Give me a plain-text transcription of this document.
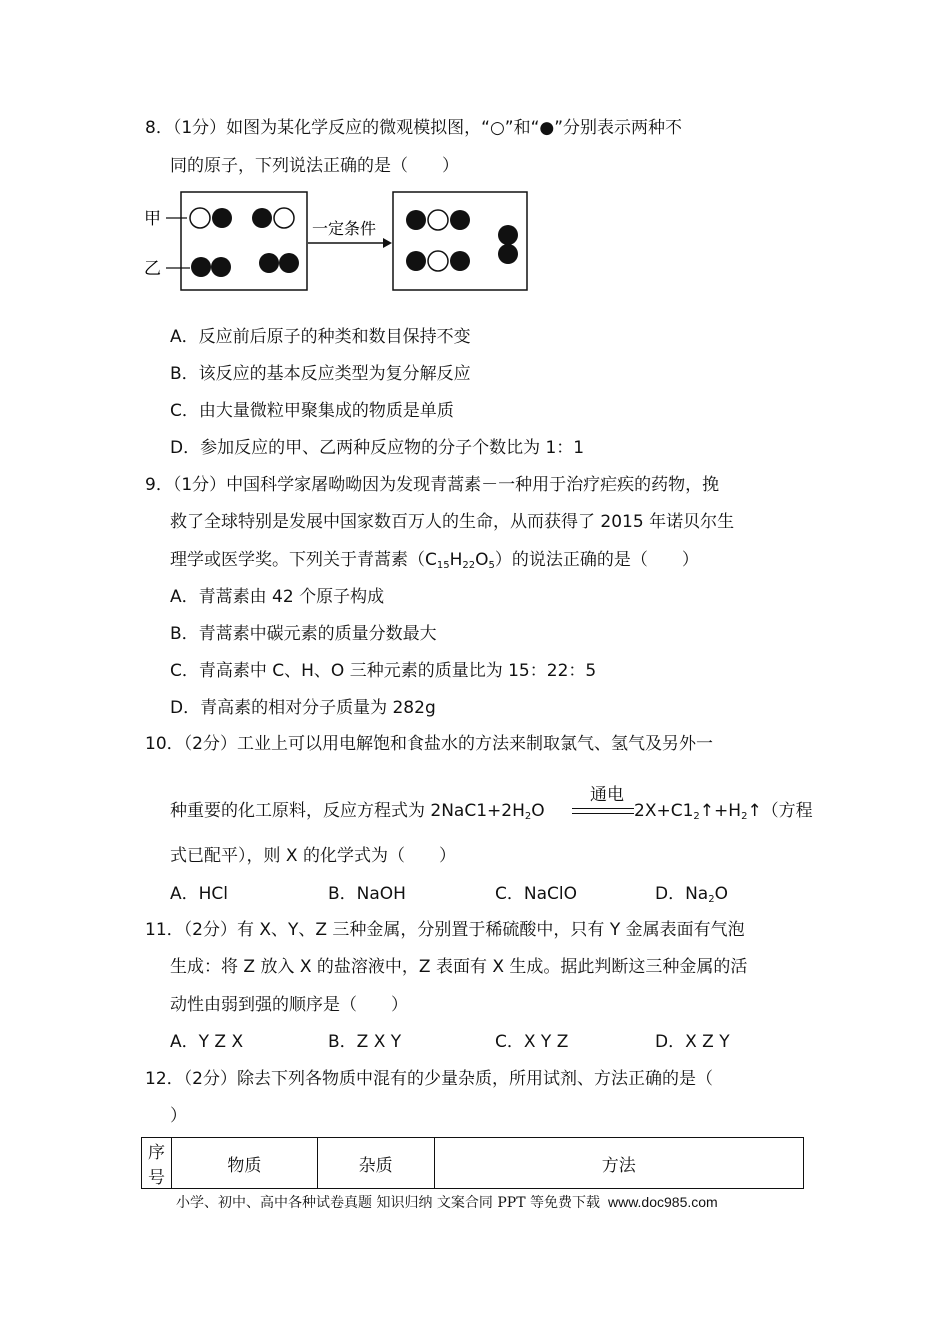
8．（1分）如图为某化学反应的微观模拟图，“○”和“●”分别表示两种不
同的原子，下列说法正确的是（　　）
甲
乙
一定条件
A．反应前后原子的种类和数目保持不变
B．该反应的基本反应类型为复分解反应
C．由大量微粒甲聚集成的物质是单质
D．参加反应的甲、乙两种反应物的分子个数比为 1：1
9．（1分）中国科学家屠呦呦因为发现青蒿素－一种用于治疗疟疾的药物，挽
救了全球特别是发展中国家数百万人的生命，从而获得了 2015 年诺贝尔生
理学或医学奖。下列关于青蒿素$(C_{15}H_{22}O_5)$的说法正确的是（　　）
A．青蒿素由 42 个原子构成
B．青蒿素中碳元素的质量分数最大
C．青高素中 C、H、O 三种元素的质量比为 15：22：5
D．青高素的相对分子质量为 282g
10．（2分）工业上可以用电解饱和食盐水的方法来制取氯气、氢气及另外一
种重要的化工原料，反应方程式为 $2NaC1+2H_2O$
通电
$2X+C1_2↑+H_2↑$（方程
式已配平），则 X 的化学式为（　　）
A．HCl	B．NaOH	C．NaClO	D．$Na_2O$
11．（2分）有 X、Y、Z 三种金属，分别置于稀硫酸中，只有 Y 金属表面有气泡
生成：将 Z 放入 X 的盐溶液中，Z 表面有 X 生成。据此判断这三种金属的活
动性由弱到强的顺序是（　　）
A．Y Z X	B．Z X Y	C．X Y Z	D．X Z Y
12．（2分）除去下列各物质中混有的少量杂质，所用试剂、方法正确的是（
）
序号	物质	杂质	方法
小学、初中、高中各种试卷真题 知识归纳 文案合同 PPT 等免费下载 www.doc985.com
